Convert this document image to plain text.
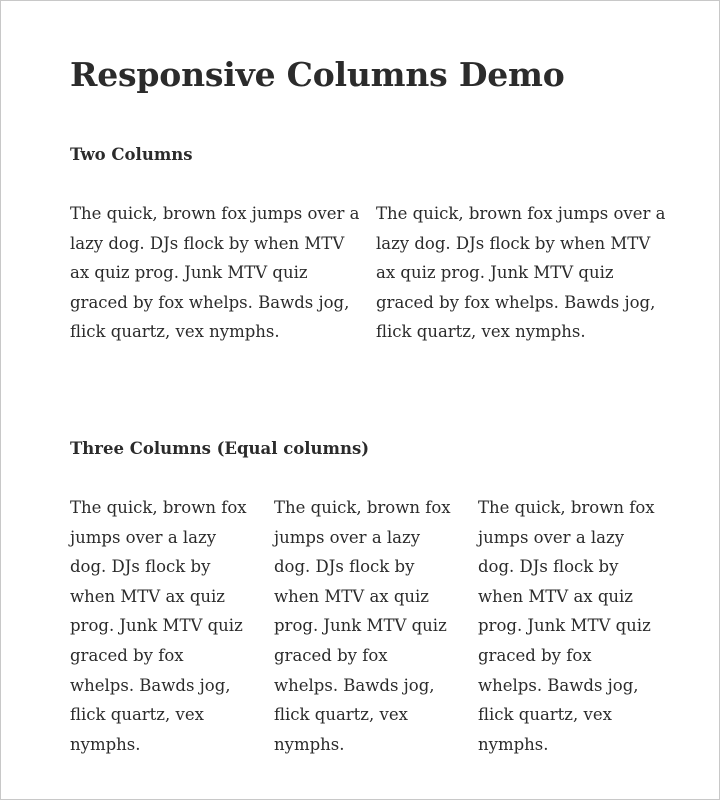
Responsive Columns Demo
Two Columns

The quick, brown fox jumps over a lazy dog. DJs flock by when MTV ax quiz prog. Junk MTV quiz graced by fox whelps. Bawds jog, flick quartz, vex nymphs.

The quick, brown fox jumps over a lazy dog. DJs flock by when MTV ax quiz prog. Junk MTV quiz graced by fox whelps. Bawds jog, flick quartz, vex nymphs.

Three Columns (Equal columns)

The quick, brown fox jumps over a lazy dog. DJs flock by when MTV ax quiz prog. Junk MTV quiz graced by fox whelps. Bawds jog, flick quartz, vex nymphs.

The quick, brown fox jumps over a lazy dog. DJs flock by when MTV ax quiz prog. Junk MTV quiz graced by fox whelps. Bawds jog, flick quartz, vex nymphs.

The quick, brown fox jumps over a lazy dog. DJs flock by when MTV ax quiz prog. Junk MTV quiz graced by fox whelps. Bawds jog, flick quartz, vex nymphs.
